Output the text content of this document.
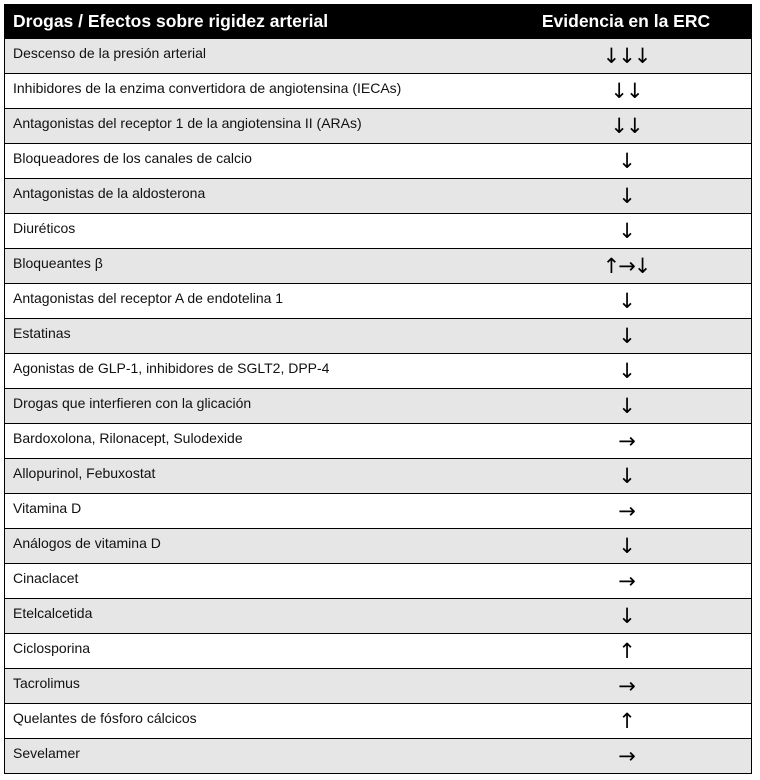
Drogas / Efectos sobre rigidez arterial	Evidencia en la ERC
Descenso de la presión arterial	↓↓↓
Inhibidores de la enzima convertidora de angiotensina (IECAs)	↓↓
Antagonistas del receptor 1 de la angiotensina II (ARAs)	↓↓
Bloqueadores de los canales de calcio	↓
Antagonistas de la aldosterona	↓
Diuréticos	↓
Bloqueantes β	↑→↓
Antagonistas del receptor A de endotelina 1	↓
Estatinas	↓
Agonistas de GLP-1, inhibidores de SGLT2, DPP-4	↓
Drogas que interfieren con la glicación	↓
Bardoxolona, Rilonacept, Sulodexide	→
Allopurinol, Febuxostat	↓
Vitamina D	→
Análogos de vitamina D	↓
Cinaclacet	→
Etelcalcetida	↓
Ciclosporina	↑
Tacrolimus	→
Quelantes de fósforo cálcicos	↑
Sevelamer	→
